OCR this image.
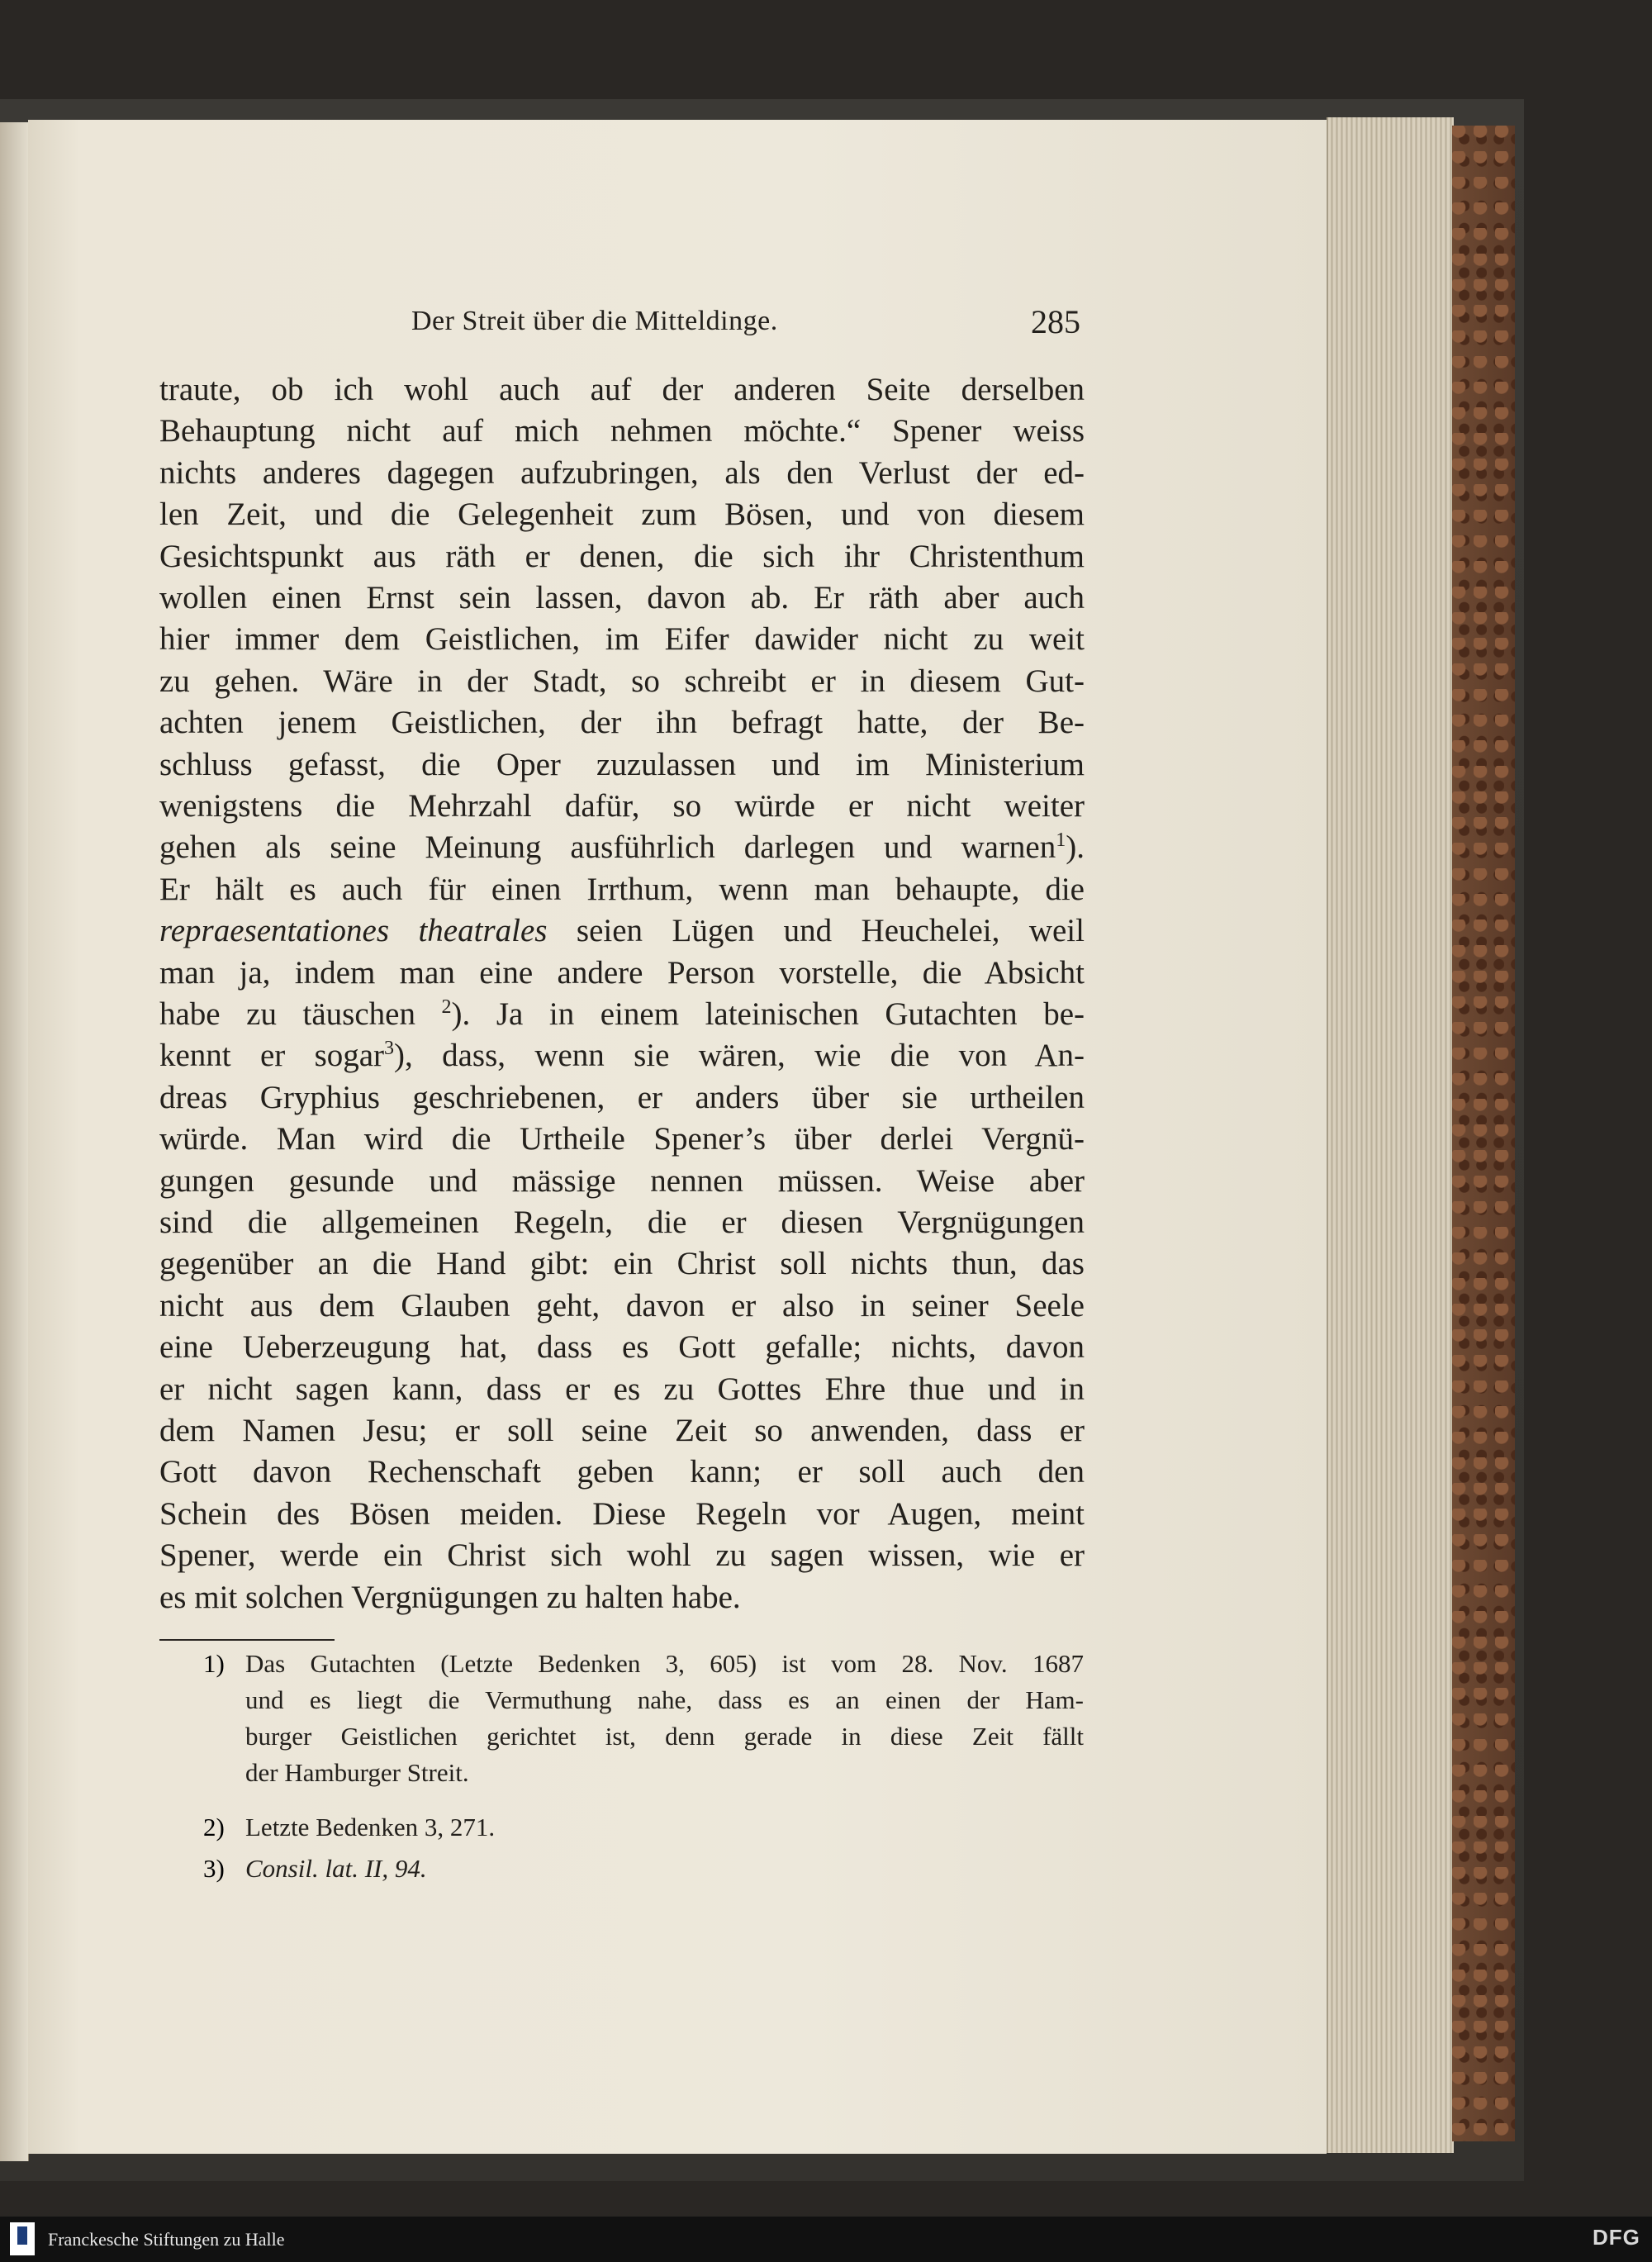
Der Streit über die Mitteldinge.	285
traute, ob ich wohl auch auf der anderen Seite derselben
Behauptung nicht auf mich nehmen möchte.“ Spener weiss
nichts anderes dagegen aufzubringen, als den Verlust der ed-
len Zeit, und die Gelegenheit zum Bösen, und von diesem
Gesichtspunkt aus räth er denen, die sich ihr Christenthum
wollen einen Ernst sein lassen, davon ab. Er räth aber auch
hier immer dem Geistlichen, im Eifer dawider nicht zu weit
zu gehen. Wäre in der Stadt, so schreibt er in diesem Gut-
achten jenem Geistlichen, der ihn befragt hatte, der Be-
schluss gefasst, die Oper zuzulassen und im Ministerium
wenigstens die Mehrzahl dafür, so würde er nicht weiter
gehen als seine Meinung ausführlich darlegen und warnen$^1$).
Er hält es auch für einen Irrthum, wenn man behaupte, die
repraesentationes theatrales seien Lügen und Heuchelei, weil
man ja, indem man eine andere Person vorstelle, die Absicht
habe zu täuschen $^2$). Ja in einem lateinischen Gutachten be-
kennt er sogar$^3$), dass, wenn sie wären, wie die von An-
dreas Gryphius geschriebenen, er anders über sie urtheilen
würde. Man wird die Urtheile Spener’s über derlei Vergnü-
gungen gesunde und mässige nennen müssen. Weise aber
sind die allgemeinen Regeln, die er diesen Vergnügungen
gegenüber an die Hand gibt: ein Christ soll nichts thun, das
nicht aus dem Glauben geht, davon er also in seiner Seele
eine Ueberzeugung hat, dass es Gott gefalle; nichts, davon
er nicht sagen kann, dass er es zu Gottes Ehre thue und in
dem Namen Jesu; er soll seine Zeit so anwenden, dass er
Gott davon Rechenschaft geben kann; er soll auch den
Schein des Bösen meiden. Diese Regeln vor Augen, meint
Spener, werde ein Christ sich wohl zu sagen wissen, wie er
es mit solchen Vergnügungen zu halten habe.
1) Das Gutachten (Letzte Bedenken 3, 605) ist vom 28. Nov. 1687
und es liegt die Vermuthung nahe, dass es an einen der Ham-
burger Geistlichen gerichtet ist, denn gerade in diese Zeit fällt
der Hamburger Streit.
2) Letzte Bedenken 3, 271.
3) Consil. lat. II, 94.
Franckesche Stiftungen zu Halle	DFG
